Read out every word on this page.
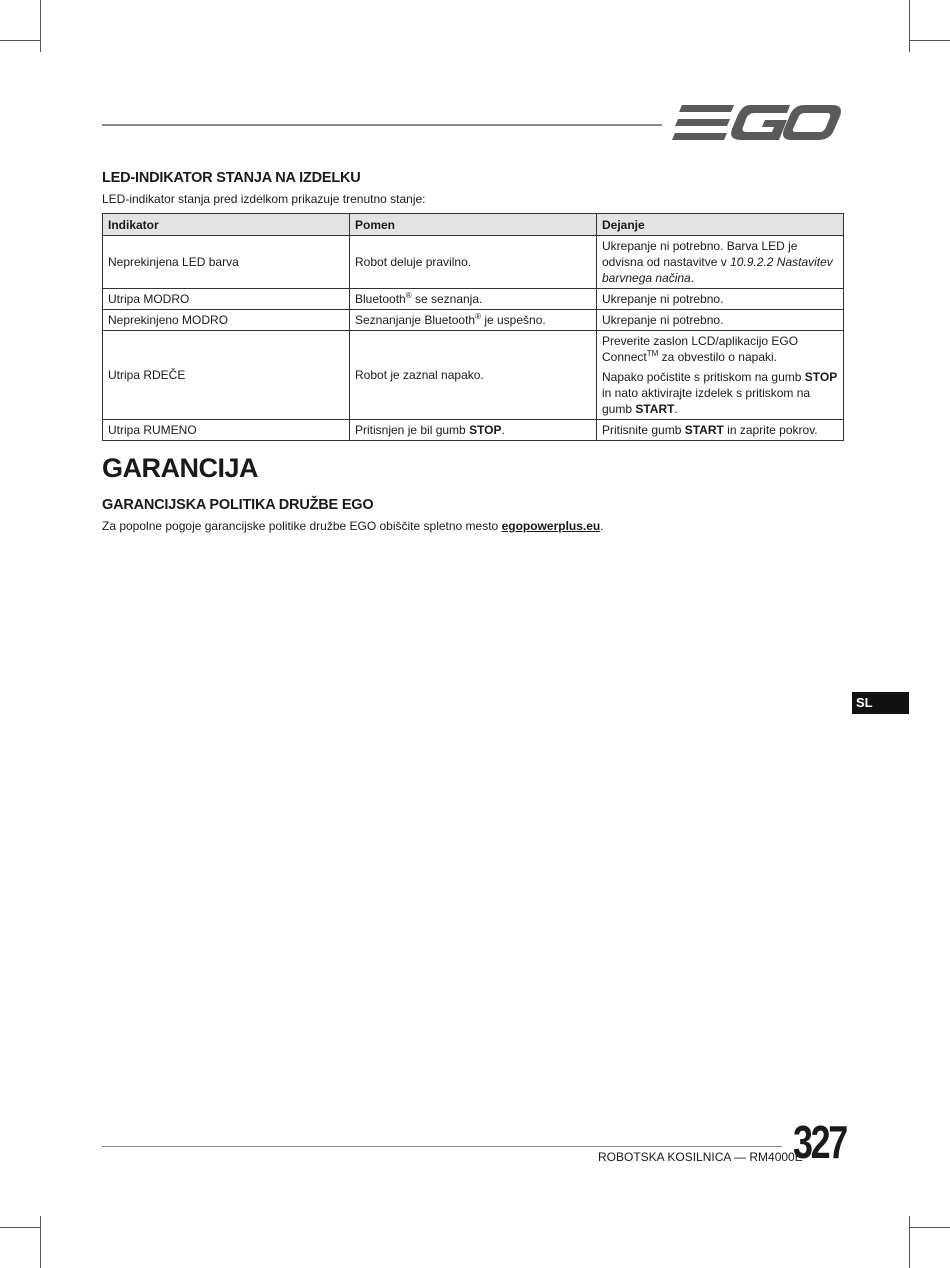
LED-INDIKATOR STANJA NA IZDELKU
LED-indikator stanja pred izdelkom prikazuje trenutno stanje:
Indikator	Pomen	Dejanje
Neprekinjena LED barva	Robot deluje pravilno.	Ukrepanje ni potrebno. Barva LED je odvisna od nastavitve v 10.9.2.2 Nastavitev barvnega načina.
Utripa MODRO	Bluetooth® se seznanja.	Ukrepanje ni potrebno.
Neprekinjeno MODRO	Seznanjanje Bluetooth® je uspešno.	Ukrepanje ni potrebno.
Utripa RDEČE	Robot je zaznal napako.	Preverite zaslon LCD/aplikacijo EGO Connect™ za obvestilo o napaki.

Napako počistite s pritiskom na gumb STOP in nato aktivirajte izdelek s pritiskom na gumb START.

Utripa RUMENO	Pritisnjen je bil gumb STOP.	Pritisnite gumb START in zaprite pokrov.
GARANCIJA
GARANCIJSKA POLITIKA DRUŽBE EGO
Za popolne pogoje garancijske politike družbe EGO obiščite spletno mesto egopowerplus.eu.
SL
ROBOTSKA KOSILNICA — RM4000E
327
